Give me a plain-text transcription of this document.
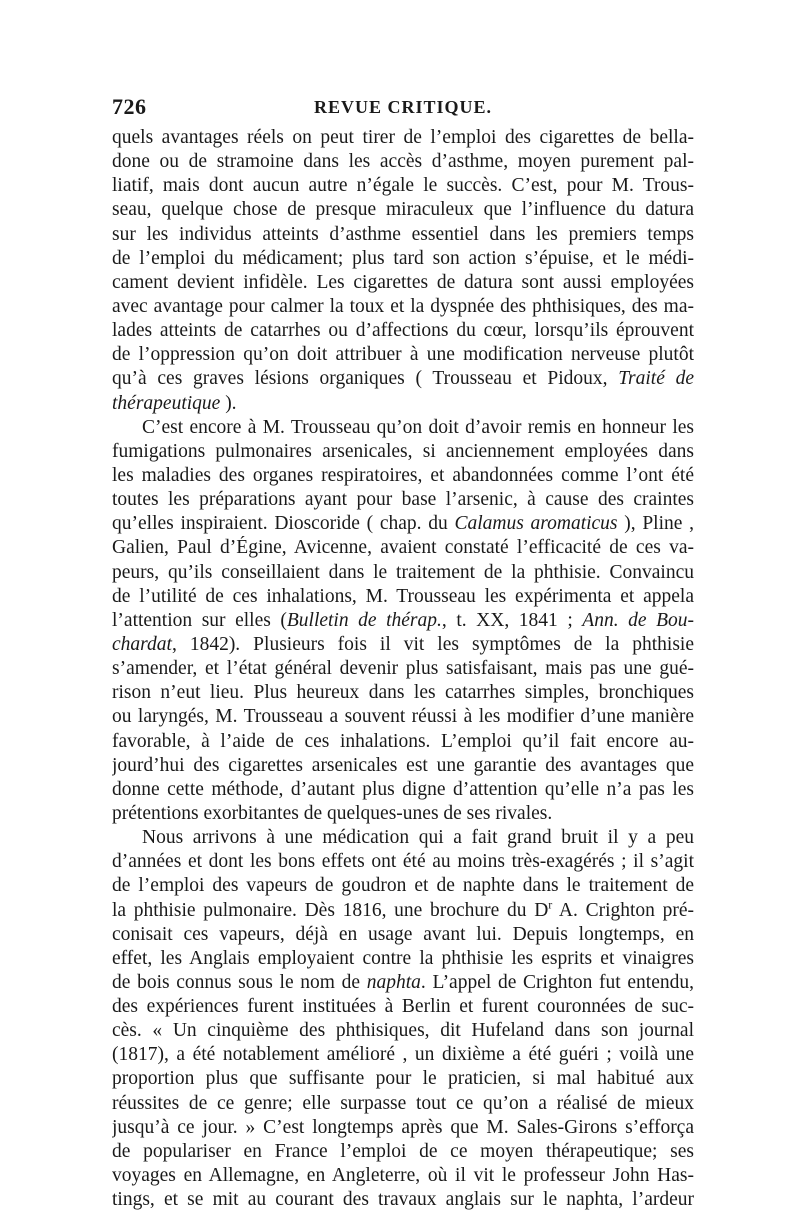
726	REVUE CRITIQUE.
quels avantages réels on peut tirer de l’emploi des cigarettes de bella-
done ou de stramoine dans les accès d’asthme, moyen purement pal-
liatif, mais dont aucun autre n’égale le succès. C’est, pour M. Trous-
seau, quelque chose de presque miraculeux que l’influence du datura
sur les individus atteints d’asthme essentiel dans les premiers temps
de l’emploi du médicament; plus tard son action s’épuise, et le médi-
cament devient infidèle. Les cigarettes de datura sont aussi employées
avec avantage pour calmer la toux et la dyspnée des phthisiques, des ma-
lades atteints de catarrhes ou d’affections du cœur, lorsqu’ils éprouvent
de l’oppression qu’on doit attribuer à une modification nerveuse plutôt
qu’à ces graves lésions organiques ( Trousseau et Pidoux, Traité de
thérapeutique ).
C’est encore à M. Trousseau qu’on doit d’avoir remis en honneur les
fumigations pulmonaires arsenicales, si anciennement employées dans
les maladies des organes respiratoires, et abandonnées comme l’ont été
toutes les préparations ayant pour base l’arsenic, à cause des craintes
qu’elles inspiraient. Dioscoride ( chap. du Calamus aromaticus ), Pline ,
Galien, Paul d’Égine, Avicenne, avaient constaté l’efficacité de ces va-
peurs, qu’ils conseillaient dans le traitement de la phthisie. Convaincu
de l’utilité de ces inhalations, M. Trousseau les expérimenta et appela
l’attention sur elles (Bulletin de thérap., t. XX, 1841 ; Ann. de Bou-
chardat, 1842). Plusieurs fois il vit les symptômes de la phthisie
s’amender, et l’état général devenir plus satisfaisant, mais pas une gué-
rison n’eut lieu. Plus heureux dans les catarrhes simples, bronchiques
ou laryngés, M. Trousseau a souvent réussi à les modifier d’une manière
favorable, à l’aide de ces inhalations. L’emploi qu’il fait encore au-
jourd’hui des cigarettes arsenicales est une garantie des avantages que
donne cette méthode, d’autant plus digne d’attention qu’elle n’a pas les
prétentions exorbitantes de quelques-unes de ses rivales.
Nous arrivons à une médication qui a fait grand bruit il y a peu
d’années et dont les bons effets ont été au moins très-exagérés ; il s’agit
de l’emploi des vapeurs de goudron et de naphte dans le traitement de
la phthisie pulmonaire. Dès 1816, une brochure du $D^r$ A. Crighton pré-
conisait ces vapeurs, déjà en usage avant lui. Depuis longtemps, en
effet, les Anglais employaient contre la phthisie les esprits et vinaigres
de bois connus sous le nom de naphta. L’appel de Crighton fut entendu,
des expériences furent instituées à Berlin et furent couronnées de suc-
cès. « Un cinquième des phthisiques, dit Hufeland dans son journal
(1817), a été notablement amélioré , un dixième a été guéri ; voilà une
proportion plus que suffisante pour le praticien, si mal habitué aux
réussites de ce genre; elle surpasse tout ce qu’on a réalisé de mieux
jusqu’à ce jour. » C’est longtemps après que M. Sales-Girons s’efforça
de populariser en France l’emploi de ce moyen thérapeutique; ses
voyages en Allemagne, en Angleterre, où il vit le professeur John Has-
tings, et se mit au courant des travaux anglais sur le naphta, l’ardeur
